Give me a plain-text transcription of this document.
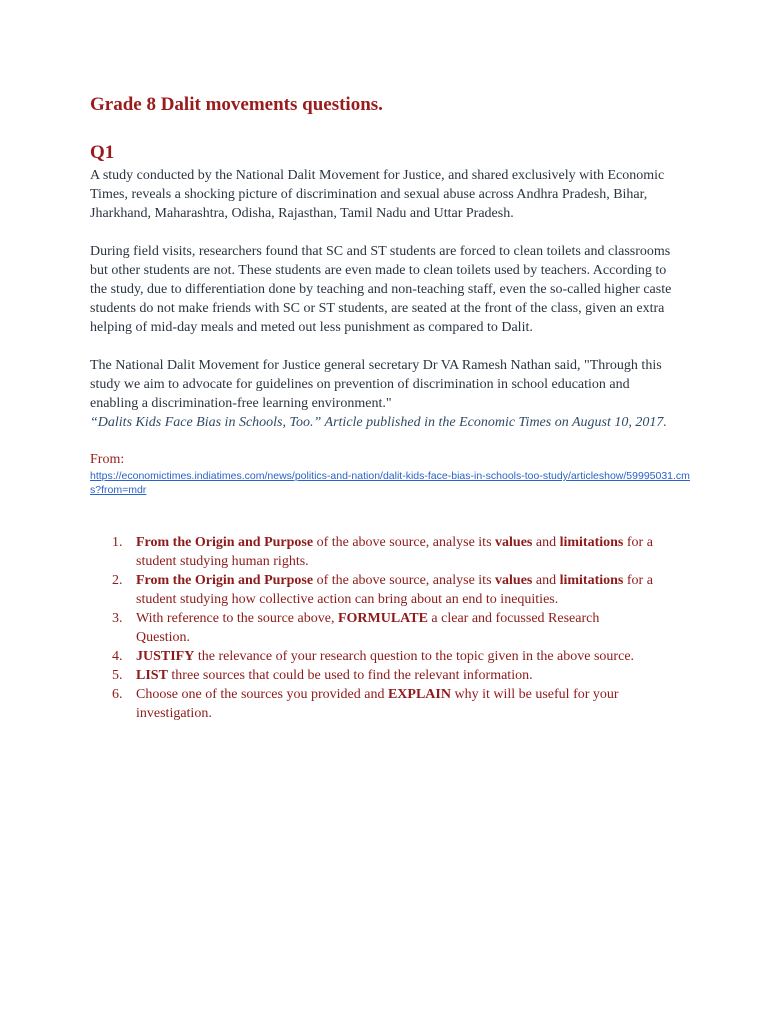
Grade 8 Dalit movements questions.
Q1

A study conducted by the National Dalit Movement for Justice, and shared exclusively with Economic Times, reveals a shocking picture of discrimination and sexual abuse across Andhra Pradesh, Bihar, Jharkhand, Maharashtra, Odisha, Rajasthan, Tamil Nadu and Uttar Pradesh.

During field visits, researchers found that SC and ST students are forced to clean toilets and classrooms but other students are not. These students are even made to clean toilets used by teachers. According to the study, due to differentiation done by teaching and non-teaching staff, even the so-called higher caste students do not make friends with SC or ST students, are seated at the front of the class, given an extra helping of mid-day meals and meted out less punishment as compared to Dalit.

The National Dalit Movement for Justice general secretary Dr VA Ramesh Nathan said, "Through this study we aim to advocate for guidelines on prevention of discrimination in school education and enabling a discrimination-free learning environment."

“Dalits Kids Face Bias in Schools, Too.” Article published in the Economic Times on August 10, 2017.

From:
https://economictimes.indiatimes.com/news/politics-and-nation/dalit-kids-face-bias-in-schools-too-study/articleshow/59995031.cms?from=mdr
1. From the Origin and Purpose of the above source, analyse its values and limitations for a student studying human rights.
2. From the Origin and Purpose of the above source, analyse its values and limitations for a student studying how collective action can bring about an end to inequities.
3. With reference to the source above, FORMULATE a clear and focussed Research Question.
4. JUSTIFY the relevance of your research question to the topic given in the above source.
5. LIST three sources that could be used to find the relevant information.
6. Choose one of the sources you provided and EXPLAIN why it will be useful for your investigation.
